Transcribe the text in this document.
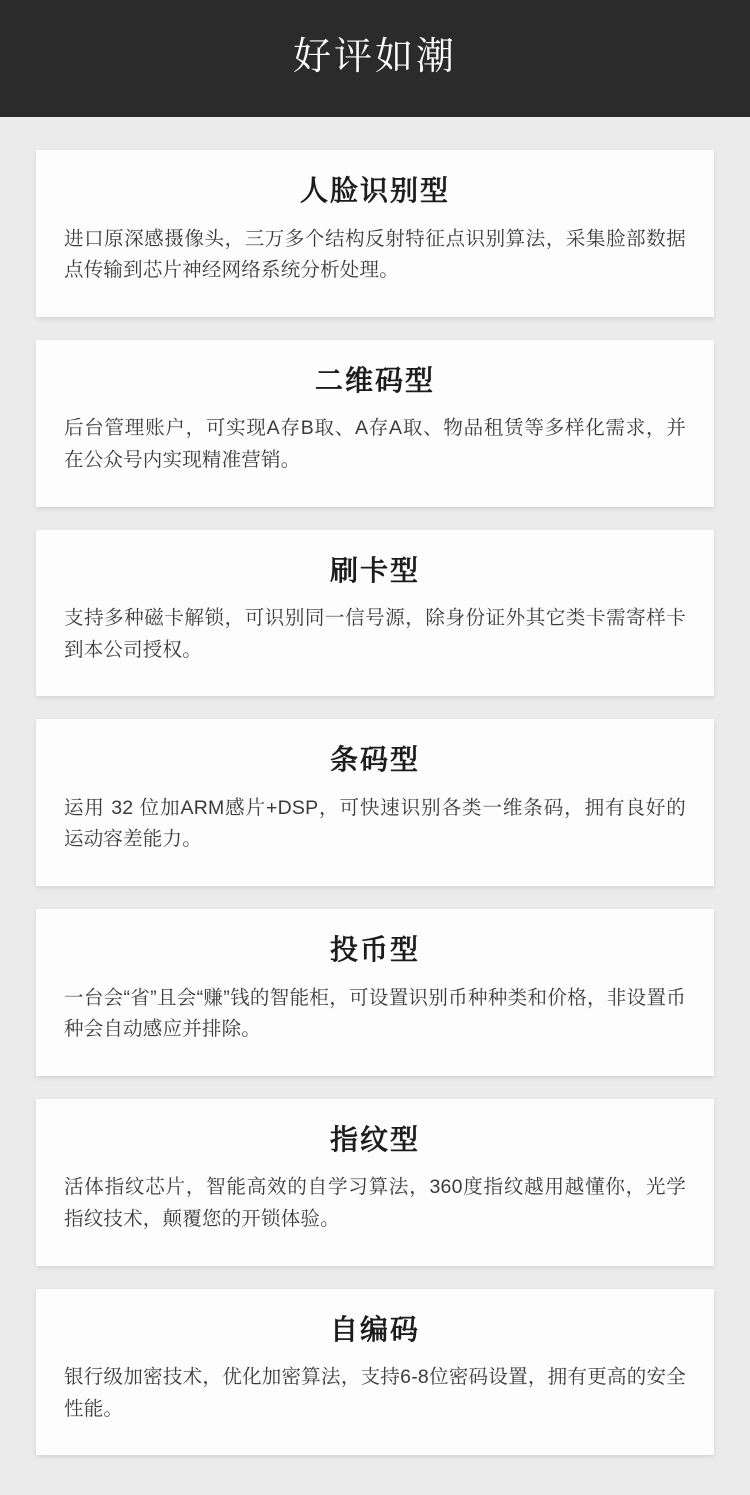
好评如潮
人脸识别型

进口原深感摄像头，三万多个结构反射特征点识别算法，采集脸部数据点传输到芯片神经网络系统分析处理。

二维码型

后台管理账户，可实现A存B取、A存A取、物品租赁等多样化需求，并在公众号内实现精准营销。

刷卡型

支持多种磁卡解锁，可识别同一信号源，除身份证外其它类卡需寄样卡到本公司授权。

条码型

运用 32 位加ARM感片+DSP，可快速识别各类一维条码，拥有良好的运动容差能力。

投币型

一台会“省”且会“赚”钱的智能柜，可设置识别币种种类和价格，非设置币种会自动感应并排除。

指纹型

活体指纹芯片，智能高效的自学习算法，360度指纹越用越懂你，光学指纹技术，颠覆您的开锁体验。

自编码

银行级加密技术，优化加密算法，支持6-8位密码设置，拥有更高的安全性能。
